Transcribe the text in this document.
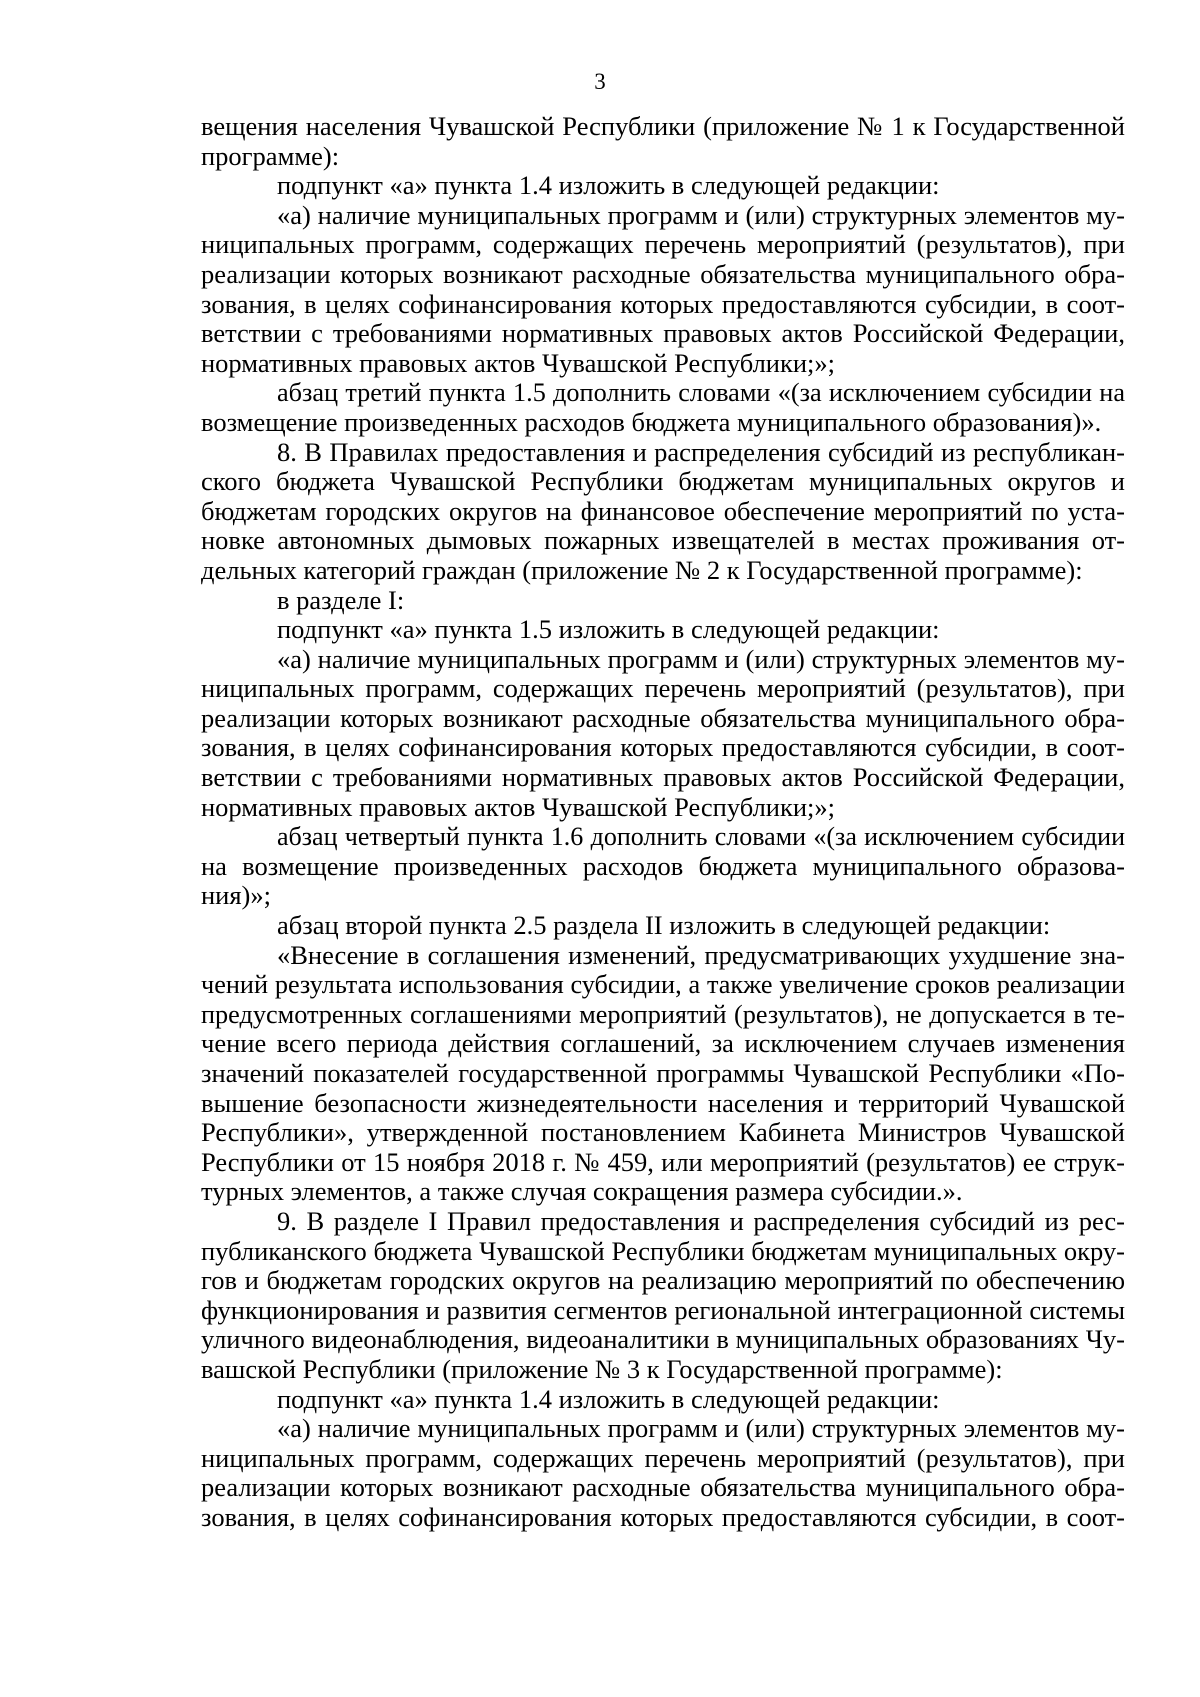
3
вещения населения Чувашской Республики (приложение № 1 к Государственной
программе):
подпункт «а» пункта 1.4 изложить в следующей редакции:
«а) наличие муниципальных программ и (или) структурных элементов му-
ниципальных программ, содержащих перечень мероприятий (результатов), при
реализации которых возникают расходные обязательства муниципального обра-
зования, в целях софинансирования которых предоставляются субсидии, в соот-
ветствии с требованиями нормативных правовых актов Российской Федерации,
нормативных правовых актов Чувашской Республики;»;
абзац третий пункта 1.5 дополнить словами «(за исключением субсидии на
возмещение произведенных расходов бюджета муниципального образования)».
8. В Правилах предоставления и распределения субсидий из республикан-
ского бюджета Чувашской Республики бюджетам муниципальных округов и
бюджетам городских округов на финансовое обеспечение мероприятий по уста-
новке автономных дымовых пожарных извещателей в местах проживания от-
дельных категорий граждан (приложение № 2 к Государственной программе):
в разделе I:
подпункт «а» пункта 1.5 изложить в следующей редакции:
«а) наличие муниципальных программ и (или) структурных элементов му-
ниципальных программ, содержащих перечень мероприятий (результатов), при
реализации которых возникают расходные обязательства муниципального обра-
зования, в целях софинансирования которых предоставляются субсидии, в соот-
ветствии с требованиями нормативных правовых актов Российской Федерации,
нормативных правовых актов Чувашской Республики;»;
абзац четвертый пункта 1.6 дополнить словами «(за исключением субсидии
на возмещение произведенных расходов бюджета муниципального образова-
ния)»;
абзац второй пункта 2.5 раздела II изложить в следующей редакции:
«Внесение в соглашения изменений, предусматривающих ухудшение зна-
чений результата использования субсидии, а также увеличение сроков реализации
предусмотренных соглашениями мероприятий (результатов), не допускается в те-
чение всего периода действия соглашений, за исключением случаев изменения
значений показателей государственной программы Чувашской Республики «По-
вышение безопасности жизнедеятельности населения и территорий Чувашской
Республики», утвержденной постановлением Кабинета Министров Чувашской
Республики от 15 ноября 2018 г. № 459, или мероприятий (результатов) ее струк-
турных элементов, а также случая сокращения размера субсидии.».
9. В разделе I Правил предоставления и распределения субсидий из рес-
публиканского бюджета Чувашской Республики бюджетам муниципальных окру-
гов и бюджетам городских округов на реализацию мероприятий по обеспечению
функционирования и развития сегментов региональной интеграционной системы
уличного видеонаблюдения, видеоаналитики в муниципальных образованиях Чу-
вашской Республики (приложение № 3 к Государственной программе):
подпункт «а» пункта 1.4 изложить в следующей редакции:
«а) наличие муниципальных программ и (или) структурных элементов му-
ниципальных программ, содержащих перечень мероприятий (результатов), при
реализации которых возникают расходные обязательства муниципального обра-
зования, в целях софинансирования которых предоставляются субсидии, в соот-
